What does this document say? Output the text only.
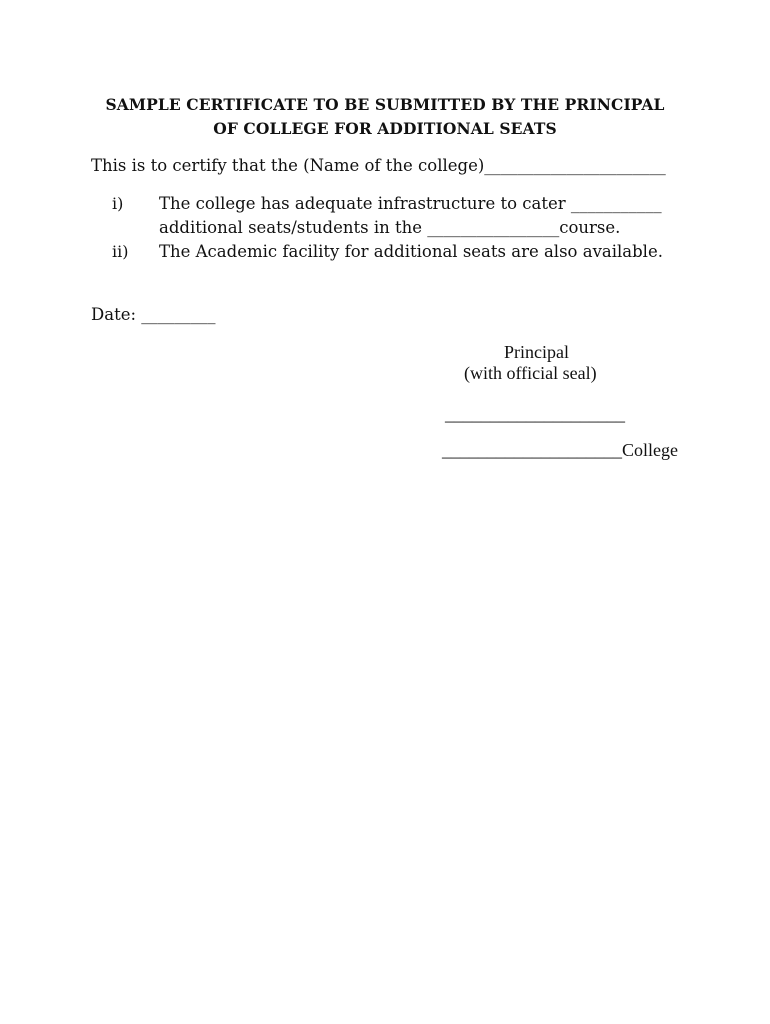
SAMPLE CERTIFICATE TO BE SUBMITTED BY THE PRINCIPAL
OF COLLEGE FOR ADDITIONAL SEATS
This is to certify that the (Name of the college)______________________
i) The college has adequate infrastructure to cater ___________
additional seats/students in the ________________course.
ii) The Academic facility for additional seats are also available.
Date: _________
Principal
(with official seal)
____________________
____________________College
